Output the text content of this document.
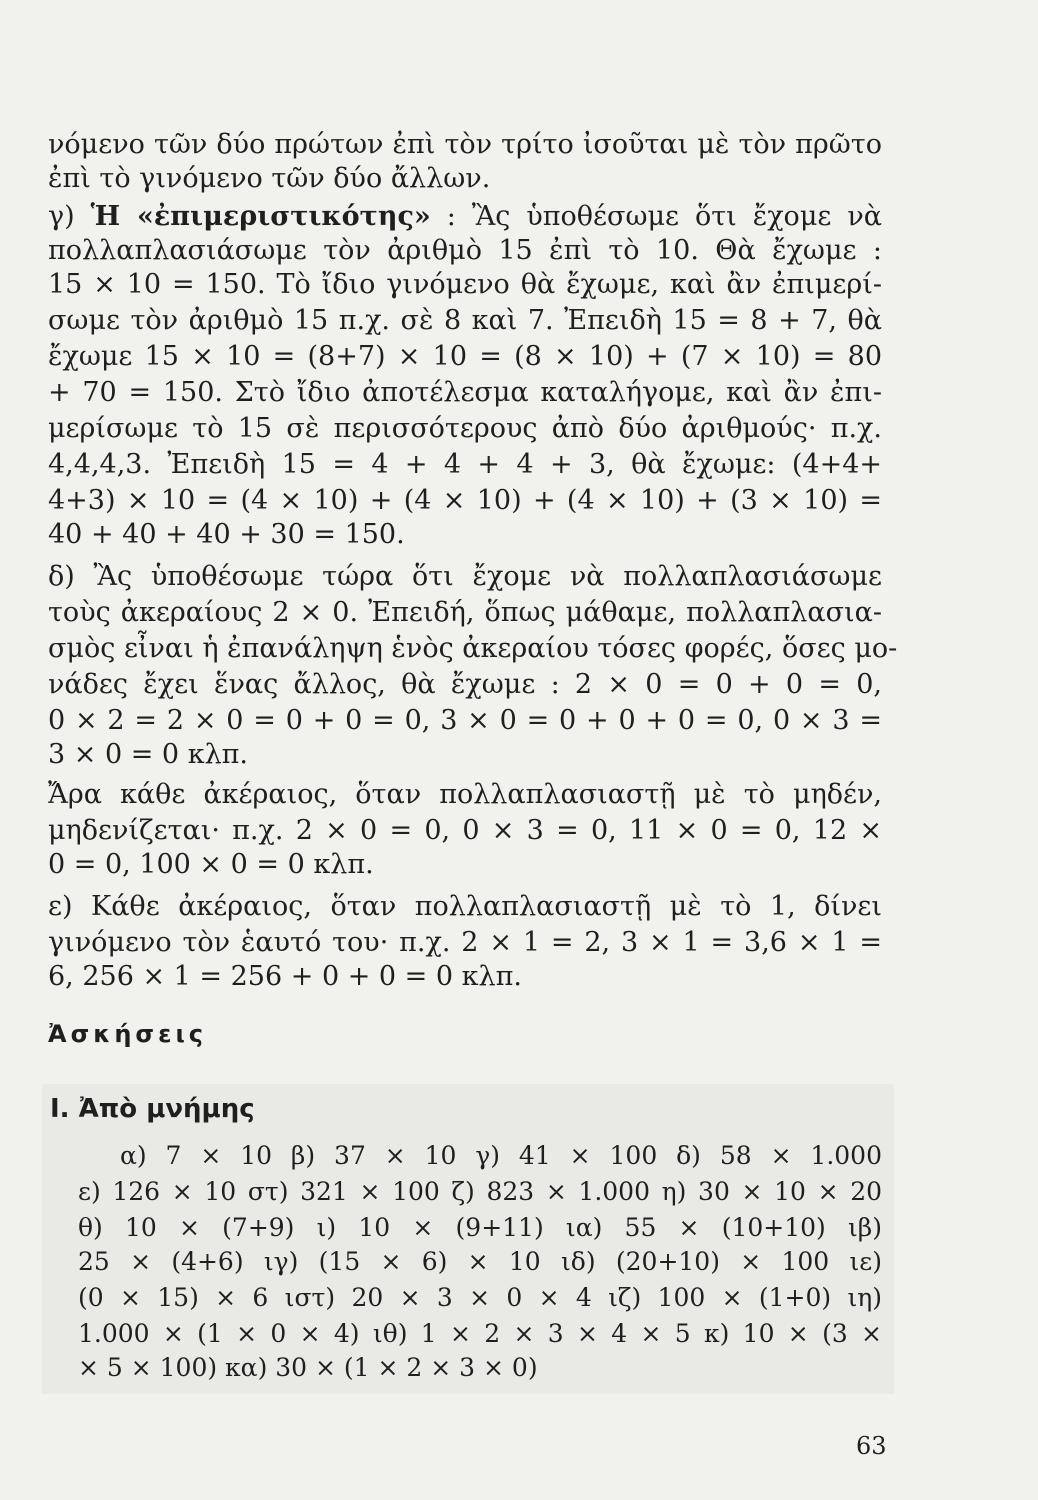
νόμενο τῶν δύο πρώτων ἐπὶ τὸν τρίτο ἰσοῦται μὲ τὸν πρῶτο
ἐπὶ τὸ γινόμενο τῶν δύο ἄλλων.
γ) Ἡ «ἐπιμεριστικότης» : Ἂς ὑποθέσωμε ὅτι ἔχομε νὰ
πολλαπλασιάσωμε τὸν ἀριθμὸ 15 ἐπὶ τὸ 10. Θὰ ἔχωμε :
15 × 10 = 150. Τὸ ἴδιο γινόμενο θὰ ἔχωμε, καὶ ἂν ἐπιμερί-
σωμε τὸν ἀριθμὸ 15 π.χ. σὲ 8 καὶ 7. Ἐπειδὴ 15 = 8 + 7, θὰ
ἔχωμε 15 × 10 = (8+7) × 10 = (8 × 10) + (7 × 10) = 80
+ 70 = 150. Στὸ ἴδιο ἀποτέλεσμα καταλήγομε, καὶ ἂν ἐπι-
μερίσωμε τὸ 15 σὲ περισσότερους ἀπὸ δύο ἀριθμούς· π.χ.
4,4,4,3. Ἐπειδὴ 15 = 4 + 4 + 4 + 3, θὰ ἔχωμε: (4+4+
4+3) × 10 = (4 × 10) + (4 × 10) + (4 × 10) + (3 × 10) =
40 + 40 + 40 + 30 = 150.
δ) Ἂς ὑποθέσωμε τώρα ὅτι ἔχομε νὰ πολλαπλασιάσωμε
τοὺς ἀκεραίους 2 × 0. Ἐπειδή, ὅπως μάθαμε, πολλαπλασια-
σμὸς εἶναι ἡ ἐπανάληψη ἑνὸς ἀκεραίου τόσες φορές, ὅσες μο-
νάδες ἔχει ἕνας ἄλλος, θὰ ἔχωμε : 2 × 0 = 0 + 0 = 0,
0 × 2 = 2 × 0 = 0 + 0 = 0, 3 × 0 = 0 + 0 + 0 = 0, 0 × 3 =
3 × 0 = 0 κλπ.
Ἄρα κάθε ἀκέραιος, ὅταν πολλαπλασιαστῇ μὲ τὸ μηδέν,
μηδενίζεται· π.χ. 2 × 0 = 0, 0 × 3 = 0, 11 × 0 = 0, 12 ×
0 = 0, 100 × 0 = 0 κλπ.
ε) Κάθε ἀκέραιος, ὅταν πολλαπλασιαστῇ μὲ τὸ 1, δίνει
γινόμενο τὸν ἑαυτό του· π.χ. 2 × 1 = 2, 3 × 1 = 3,6 × 1 =
6, 256 × 1 = 256 + 0 + 0 = 0 κλπ.
Ἀσκήσεις
Ι. Ἀπὸ μνήμης
α) 7 × 10 β) 37 × 10 γ) 41 × 100 δ) 58 × 1.000
ε) 126 × 10 στ) 321 × 100 ζ) 823 × 1.000 η) 30 × 10 × 20
θ) 10 × (7+9) ι) 10 × (9+11) ια) 55 × (10+10) ιβ)
25 × (4+6) ιγ) (15 × 6) × 10 ιδ) (20+10) × 100 ιε)
(0 × 15) × 6 ιστ) 20 × 3 × 0 × 4 ιζ) 100 × (1+0) ιη)
1.000 × (1 × 0 × 4) ιθ) 1 × 2 × 3 × 4 × 5 κ) 10 × (3 ×
× 5 × 100) κα) 30 × (1 × 2 × 3 × 0)
63
